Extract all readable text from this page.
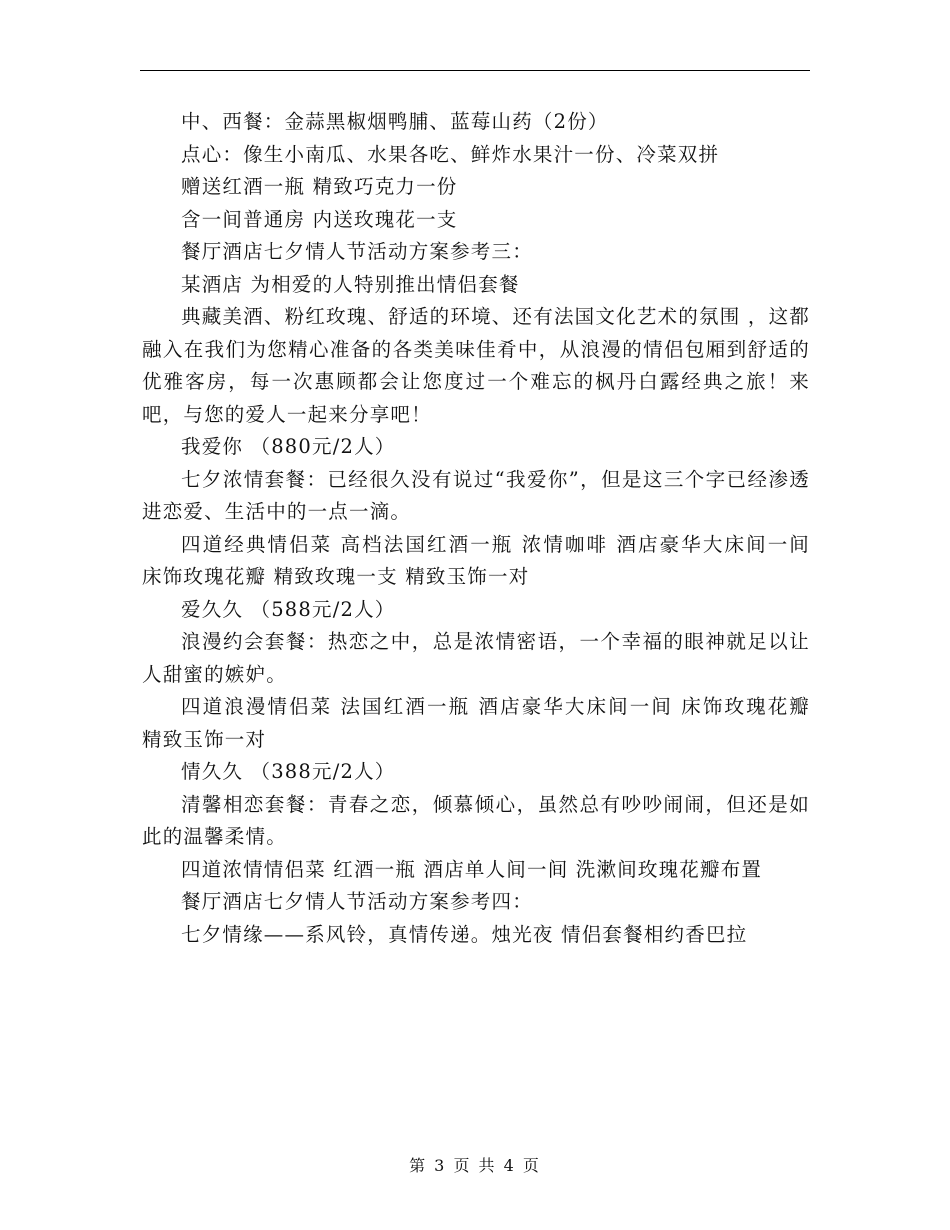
中、西餐：金蒜黑椒烟鸭脯、蓝莓山药（2份）

点心：像生小南瓜、水果各吃、鲜炸水果汁一份、冷菜双拼

赠送红酒一瓶 精致巧克力一份

含一间普通房 内送玫瑰花一支

餐厅酒店七夕情人节活动方案参考三：

某酒店 为相爱的人特别推出情侣套餐

典藏美酒、粉红玫瑰、舒适的环境、还有法国文化艺术的氛围 ，这都融入在我们为您精心准备的各类美味佳肴中，从浪漫的情侣包厢到舒适的优雅客房，每一次惠顾都会让您度过一个难忘的枫丹白露经典之旅！来吧，与您的爱人一起来分享吧！

我爱你 （880元/2人）

七夕浓情套餐：已经很久没有说过“我爱你”，但是这三个字已经渗透进恋爱、生活中的一点一滴。

四道经典情侣菜 高档法国红酒一瓶 浓情咖啡 酒店豪华大床间一间 床饰玫瑰花瓣 精致玫瑰一支 精致玉饰一对

爱久久 （588元/2人）

浪漫约会套餐：热恋之中，总是浓情密语，一个幸福的眼神就足以让人甜蜜的嫉妒。

四道浪漫情侣菜 法国红酒一瓶 酒店豪华大床间一间 床饰玫瑰花瓣 精致玉饰一对

情久久 （388元/2人）

清馨相恋套餐：青春之恋，倾慕倾心，虽然总有吵吵闹闹，但还是如此的温馨柔情。

四道浓情情侣菜 红酒一瓶 酒店单人间一间 洗漱间玫瑰花瓣布置

餐厅酒店七夕情人节活动方案参考四：

七夕情缘——系风铃，真情传递。烛光夜 情侣套餐相约香巴拉

第 3 页 共 4 页
